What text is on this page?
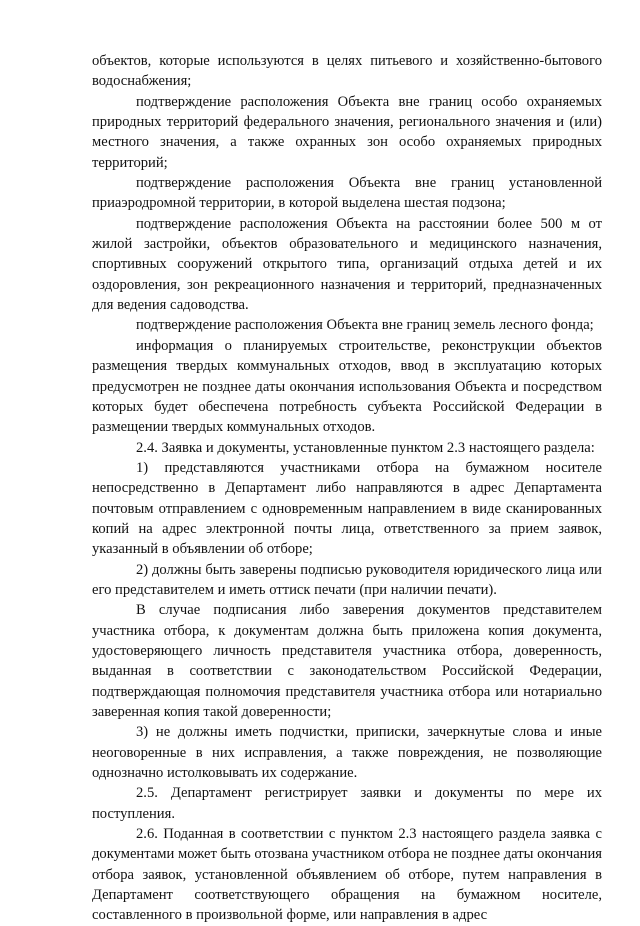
объектов, которые используются в целях питьевого и хозяйственно-бытового водоснабжения;

подтверждение расположения Объекта вне границ особо охраняемых природных территорий федерального значения, регионального значения и (или) местного значения, а также охранных зон особо охраняемых природных территорий;

подтверждение расположения Объекта вне границ установленной приаэродромной территории, в которой выделена шестая подзона;

подтверждение расположения Объекта на расстоянии более 500 м от жилой застройки, объектов образовательного и медицинского назначения, спортивных сооружений открытого типа, организаций отдыха детей и их оздоровления, зон рекреационного назначения и территорий, предназначенных для ведения садоводства.

подтверждение расположения Объекта вне границ земель лесного фонда;

информация о планируемых строительстве, реконструкции объектов размещения твердых коммунальных отходов, ввод в эксплуатацию которых предусмотрен не позднее даты окончания использования Объекта и посредством которых будет обеспечена потребность субъекта Российской Федерации в размещении твердых коммунальных отходов.

2.4. Заявка и документы, установленные пунктом 2.3 настоящего раздела:

1) представляются участниками отбора на бумажном носителе непосредственно в Департамент либо направляются в адрес Департамента почтовым отправлением с одновременным направлением в виде сканированных копий на адрес электронной почты лица, ответственного за прием заявок, указанный в объявлении об отборе;

2) должны быть заверены подписью руководителя юридического лица или его представителем и иметь оттиск печати (при наличии печати).

В случае подписания либо заверения документов представителем участника отбора, к документам должна быть приложена копия документа, удостоверяющего личность представителя участника отбора, доверенность, выданная в соответствии с законодательством Российской Федерации, подтверждающая полномочия представителя участника отбора или нотариально заверенная копия такой доверенности;

3) не должны иметь подчистки, приписки, зачеркнутые слова и иные неоговоренные в них исправления, а также повреждения, не позволяющие однозначно истолковывать их содержание.

2.5. Департамент регистрирует заявки и документы по мере их поступления.

2.6. Поданная в соответствии с пунктом 2.3 настоящего раздела заявка с документами может быть отозвана участником отбора не позднее даты окончания отбора заявок, установленной объявлением об отборе, путем направления в Департамент соответствующего обращения на бумажном носителе, составленного в произвольной форме, или направления в адрес
